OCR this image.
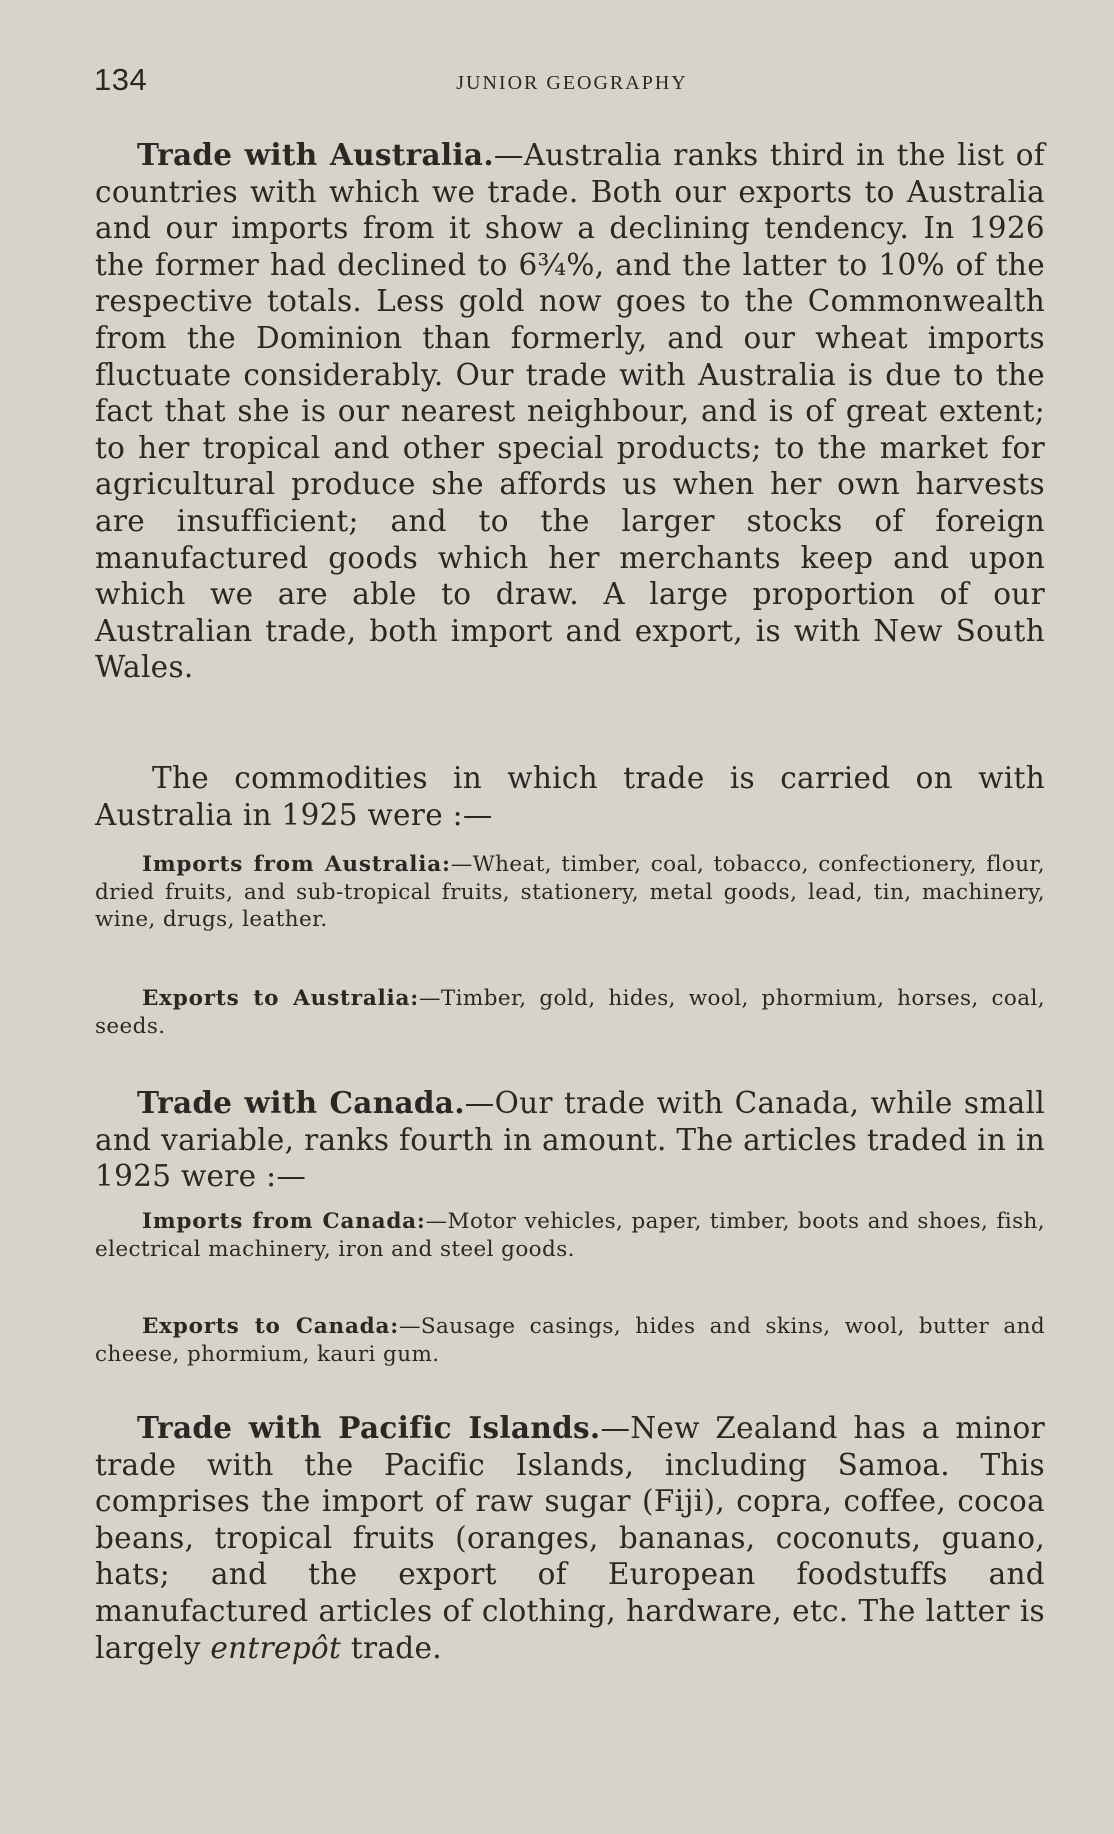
134	JUNIOR GEOGRAPHY

Trade with Australia.—Australia ranks third in the list of countries with which we trade. Both our exports to Australia and our imports from it show a declining tendency. In 1926 the former had declined to 6¾%, and the latter to 10% of the respective totals. Less gold now goes to the Commonwealth from the Dominion than formerly, and our wheat imports fluctuate considerably. Our trade with Australia is due to the fact that she is our nearest neighbour, and is of great extent; to her tropical and other special products; to the market for agricultural produce she affords us when her own harvests are insufficient; and to the larger stocks of foreign manufactured goods which her merchants keep and upon which we are able to draw. A large proportion of our Australian trade, both import and export, is with New South Wales.

The commodities in which trade is carried on with Australia in 1925 were :—

Imports from Australia:—Wheat, timber, coal, tobacco, confectionery, flour, dried fruits, and sub-tropical fruits, stationery, metal goods, lead, tin, machinery, wine, drugs, leather.

Exports to Australia:—Timber, gold, hides, wool, phormium, horses, coal, seeds.

Trade with Canada.—Our trade with Canada, while small and variable, ranks fourth in amount. The articles traded in in 1925 were :—

Imports from Canada:—Motor vehicles, paper, timber, boots and shoes, fish, electrical machinery, iron and steel goods.

Exports to Canada:—Sausage casings, hides and skins, wool, butter and cheese, phormium, kauri gum.

Trade with Pacific Islands.—New Zealand has a minor trade with the Pacific Islands, including Samoa. This comprises the import of raw sugar (Fiji), copra, coffee, cocoa beans, tropical fruits (oranges, bananas, coconuts, guano, hats; and the export of European foodstuffs and manufactured articles of clothing, hardware, etc. The latter is largely entrepôt trade.
